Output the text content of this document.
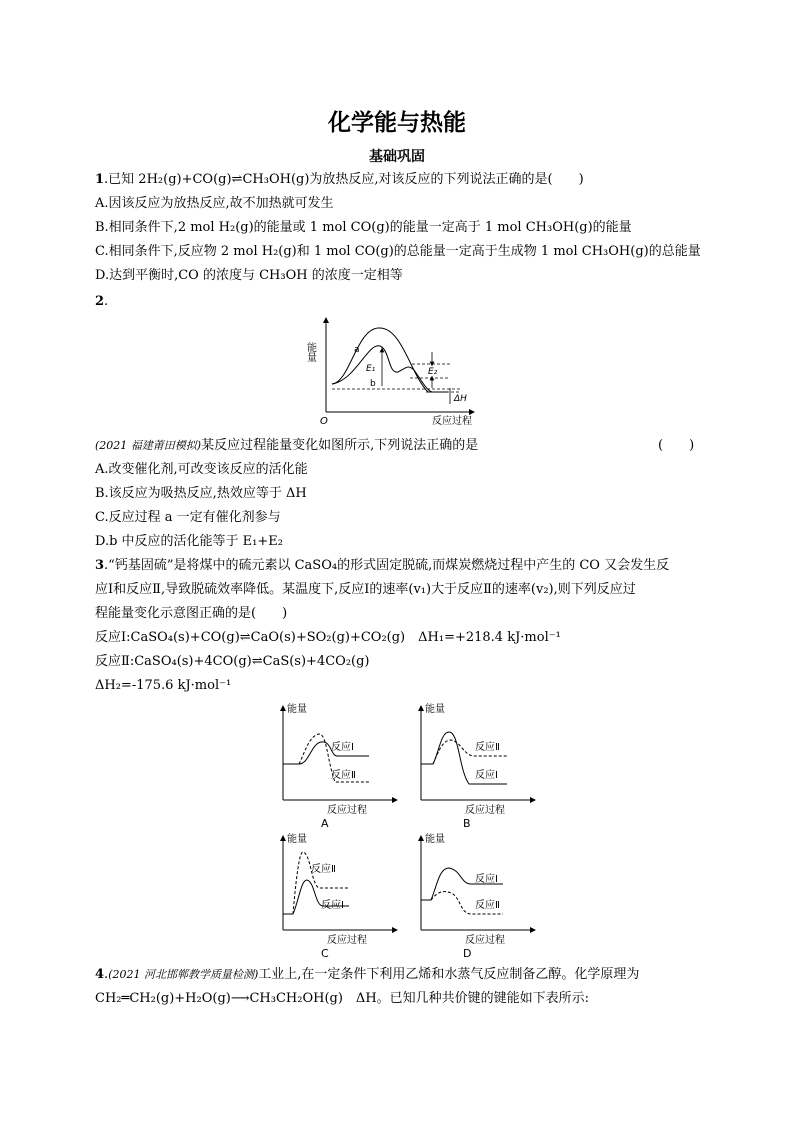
化学能与热能
基础巩固
1.已知 2H₂(g)+CO(g)⇌CH₃OH(g)为放热反应,对该反应的下列说法正确的是(　　)
A.因该反应为放热反应,故不加热就可发生
B.相同条件下,2 mol H₂(g)的能量或 1 mol CO(g)的能量一定高于 1 mol CH₃OH(g)的能量
C.相同条件下,反应物 2 mol H₂(g)和 1 mol CO(g)的总能量一定高于生成物 1 mol CH₃OH(g)的总能量
D.达到平衡时,CO 的浓度与 CH₃OH 的浓度一定相等
2.
能量
反应过程
O
a
b
E₁	E₂
ΔH
(2021 福建莆田模拟)某反应过程能量变化如图所示,下列说法正确的是	(　　)
A.改变催化剂,可改变该反应的活化能
B.该反应为吸热反应,热效应等于 ΔH
C.反应过程 a 一定有催化剂参与
D.b 中反应的活化能等于 E₁+E₂
3.“钙基固硫”是将煤中的硫元素以 CaSO₄的形式固定脱硫,而煤炭燃烧过程中产生的 CO 又会发生反
应Ⅰ和反应Ⅱ,导致脱硫效率降低。某温度下,反应Ⅰ的速率(v₁)大于反应Ⅱ的速率(v₂),则下列反应过
程能量变化示意图正确的是(　　)
反应Ⅰ:CaSO₄(s)+CO(g)⇌CaO(s)+SO₂(g)+CO₂(g)　ΔH₁=+218.4 kJ·mol⁻¹
反应Ⅱ:CaSO₄(s)+4CO(g)⇌CaS(s)+4CO₂(g)
ΔH₂=-175.6 kJ·mol⁻¹
能量
反应过程
A
反应Ⅰ
反应Ⅱ
能量
反应过程
B
反应Ⅱ
反应Ⅰ
能量
反应过程
C
反应Ⅱ
反应Ⅰ
能量
反应过程
D
反应Ⅰ
反应Ⅱ
4.(2021 河北邯郸教学质量检测)工业上,在一定条件下利用乙烯和水蒸气反应制备乙醇。化学原理为
CH₂═CH₂(g)+H₂O(g)⟶CH₃CH₂OH(g)　ΔH。已知几种共价键的键能如下表所示:
